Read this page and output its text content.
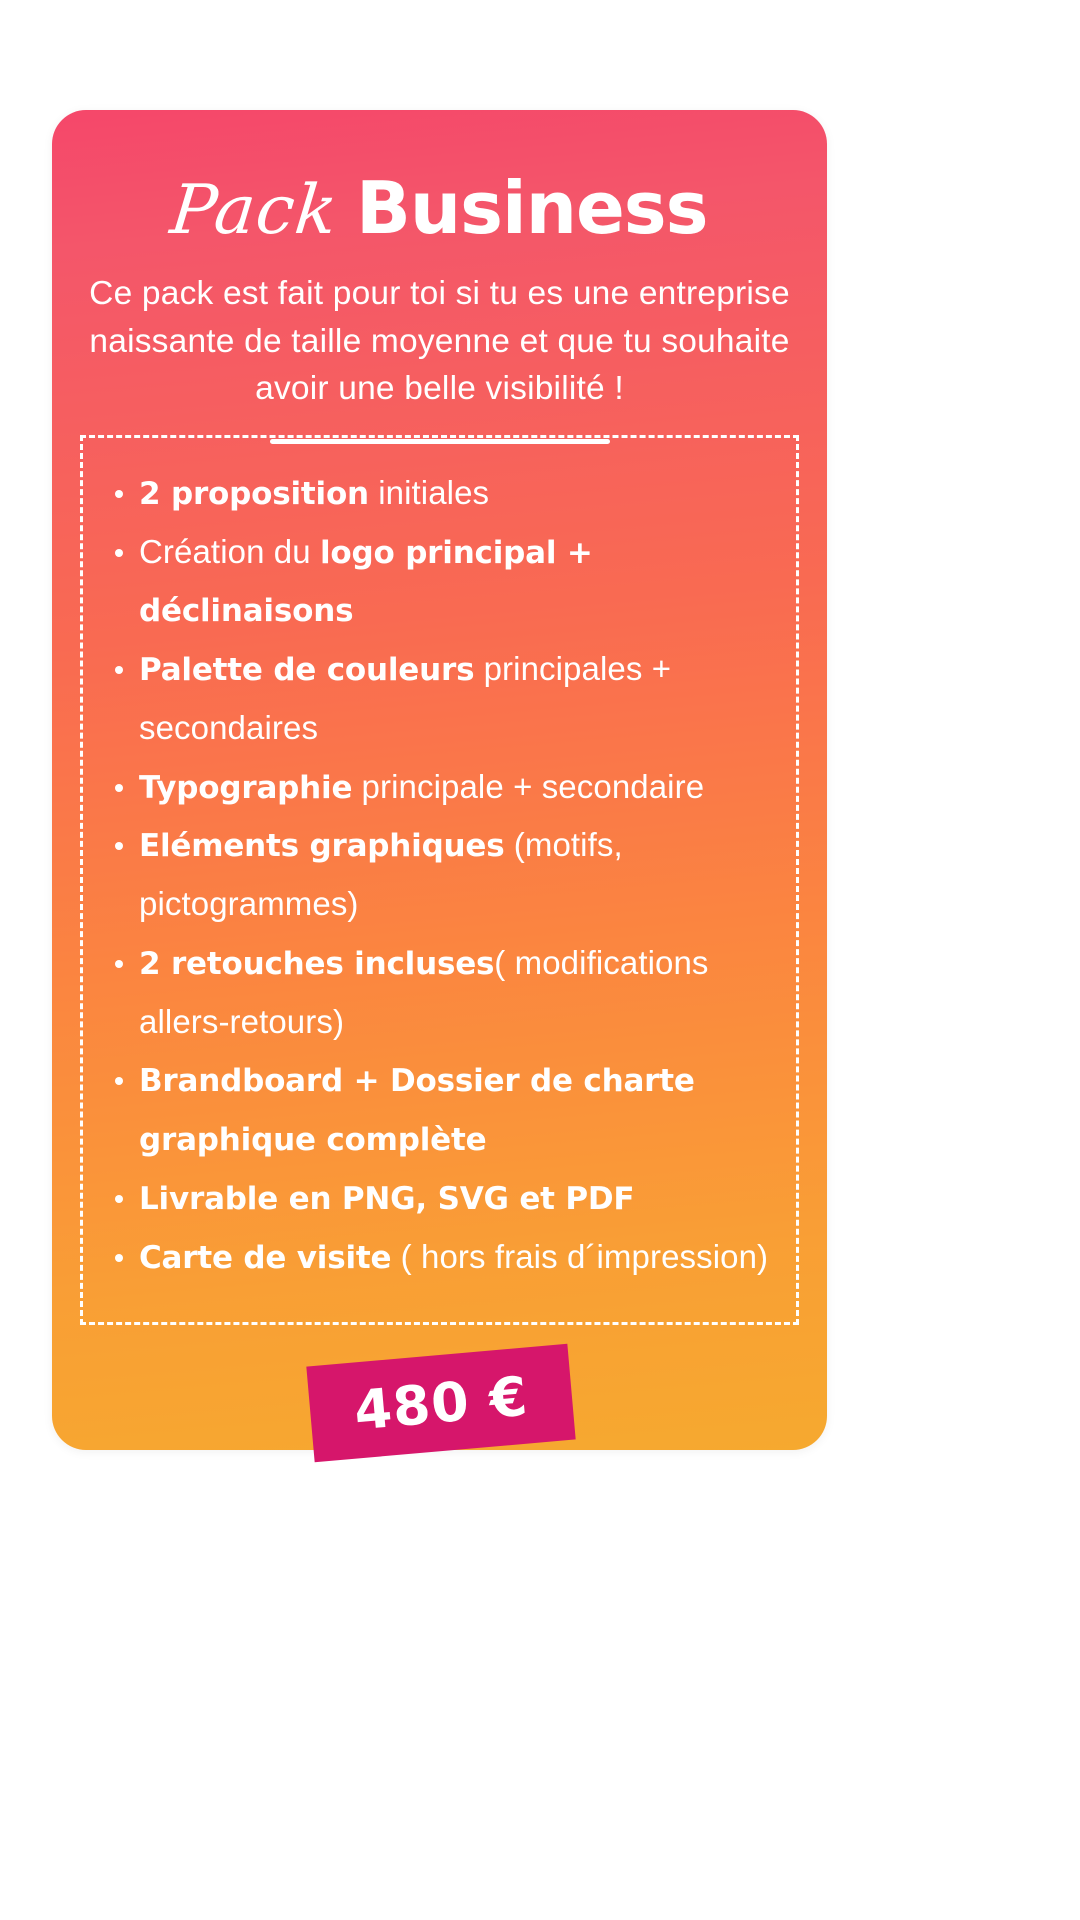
Pack Business

Ce pack est fait pour toi si tu es une entreprise naissante de taille moyenne et que tu souhaite avoir une belle visibilité !

2 proposition initiales
Création du logo principal + déclinaisons
Palette de couleurs principales + secondaires
Typographie principale + secondaire
Eléments graphiques (motifs, pictogrammes)
2 retouches incluses( modifications allers-retours)
Brandboard + Dossier de charte graphique complète
Livrable en PNG, SVG et PDF
Carte de visite ( hors frais d´impression)
480 €
